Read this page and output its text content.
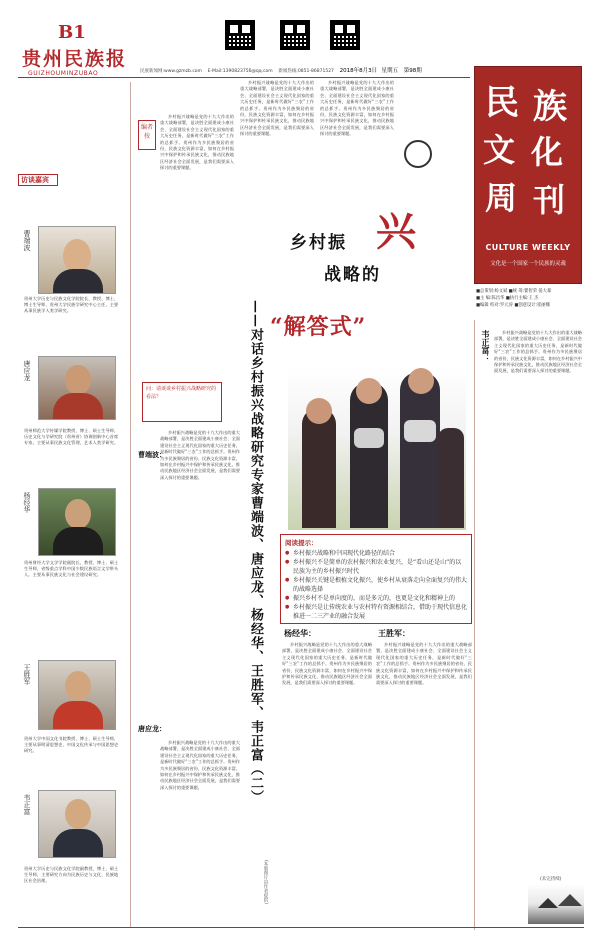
B1
贵州民族报
GUIZHOUMINZUBAO	民族新闻网:www.gzmzb.com E-Mail:1390823756@qq.com 新闻热线:0851-86871527 2018年8月3日 星期五 第98期
民 族
文 化
周 刊
CULTURE WEEKLY
文化是一个国家一个民族的灵魂
■总策划:杨文斌 ■统 筹:瞿智荣 晏大暴
■主 编:陈昌华 ■执行主编:王 杰
■编辑 校对:罗元涛 ■创意设计:崔丽娜
访谈嘉宾
曹端波
贵州大学历史与民族文化学院院长，教授、博士、博士生导师，贵州大学民族学研究中心主任。主要从事民族学人类学研究。
唐应龙
贵州师范大学传媒学院教授、博士、硕士生导师，历史文化与学研究院（贵州省）协调创新中心首席专家。主要从事民族文化管理、艺术人类学研究。
杨经华
贵州财经大学文学学院副院长，教授、博士、硕士生导师，省级重点学科中国少数民族语言文学带头人。主要从事民族文化与社会建设研究。
王胜军
贵州大学中国文化书院教授、博士、硕士生导师，主要从事明清思想史、中国文化传承与中国思想史研究。
韦正富
贵州大学历史与民族文化学院副教授、博士、硕士生导师，主要研究方向为民族历史与文化、民族地区社会治理。
编者按
乡村振兴战略是党的十九大作出的重大战略部署，是决胜全面建成小康社会、全面建设社会主义现代化国家的重大历史任务，是新时代做好“三农”工作的总抓手。贵州作为多民族聚居的省份，民族文化资源丰富，如何在乡村振兴中保护和传承民族文化，推动民族地区经济社会全面发展，是我们需要深入探讨的重要课题。
乡村振兴战略是党的十九大作出的重大战略部署，是决胜全面建成小康社会、全面建设社会主义现代化国家的重大历史任务，是新时代做好“三农”工作的总抓手。贵州作为多民族聚居的省份，民族文化资源丰富，如何在乡村振兴中保护和传承民族文化，推动民族地区经济社会全面发展，是我们需要深入探讨的重要课题。
乡村振兴战略是党的十九大作出的重大战略部署，是决胜全面建成小康社会、全面建设社会主义现代化国家的重大历史任务，是新时代做好“三农”工作的总抓手。贵州作为多民族聚居的省份，民族文化资源丰富，如何在乡村振兴中保护和传承民族文化，推动民族地区经济社会全面发展，是我们需要深入探讨的重要课题。
乡村振 兴
战略的
“解答式”
问：请谈谈乡村振兴战略研究的看法？	——对话乡村振兴战略研究专家曹端波、唐应龙、杨经华、王胜军、韦正富（二）	阅读提示：
● 乡村振兴战略和中国现代化路径的结合
● 乡村振兴不是简单的农村振兴和农业复兴，是“看山还是山”的以民族为主的乡村振兴时代
● 乡村振兴关键是根植文化振兴，使乡村从衰落走向全面复兴的伟大的战略选择
● 振兴乡村不是单向度的，而是多元的，也更是文化和精神上的
● 乡村振兴是让传统农业与农村特有资源相结合，借助于现代信息化推进一二三产业的融合发展
曹端波：
乡村振兴战略是党的十九大作出的重大战略部署，是决胜全面建成小康社会、全面建设社会主义现代化国家的重大历史任务，是新时代做好“三农”工作的总抓手。贵州作为多民族聚居的省份，民族文化资源丰富，如何在乡村振兴中保护和传承民族文化，推动民族地区经济社会全面发展，是我们需要深入探讨的重要课题。
乡村振兴战略是党的十九大作出的重大战略部署，是决胜全面建成小康社会、全面建设社会主义现代化国家的重大历史任务，是新时代做好“三农”工作的总抓手。贵州作为多民族聚居的省份，民族文化资源丰富，如何在乡村振兴中保护和传承民族文化，推动民族地区经济社会全面发展，是我们需要深入探讨的重要课题。
唐应龙：
杨经华：
乡村振兴战略是党的十九大作出的重大战略部署，是决胜全面建成小康社会、全面建设社会主义现代化国家的重大历史任务，是新时代做好“三农”工作的总抓手。贵州作为多民族聚居的省份，民族文化资源丰富，如何在乡村振兴中保护和传承民族文化，推动民族地区经济社会全面发展，是我们需要深入探讨的重要课题。
王胜军：
乡村振兴战略是党的十九大作出的重大战略部署，是决胜全面建成小康社会、全面建设社会主义现代化国家的重大历史任务，是新时代做好“三农”工作的总抓手。贵州作为多民族聚居的省份，民族文化资源丰富，如何在乡村振兴中保护和传承民族文化，推动民族地区经济社会全面发展，是我们需要深入探讨的重要课题。
韦正富：	乡村振兴战略是党的十九大作出的重大战略部署，是决胜全面建成小康社会、全面建设社会主义现代化国家的重大历史任务，是新时代做好“三农”工作的总抓手。贵州作为多民族聚居的省份，民族文化资源丰富，如何在乡村振兴中保护和传承民族文化，推动民族地区经济社会全面发展，是我们需要深入探讨的重要课题。
(未完待续)
(本版图片由作者提供)
